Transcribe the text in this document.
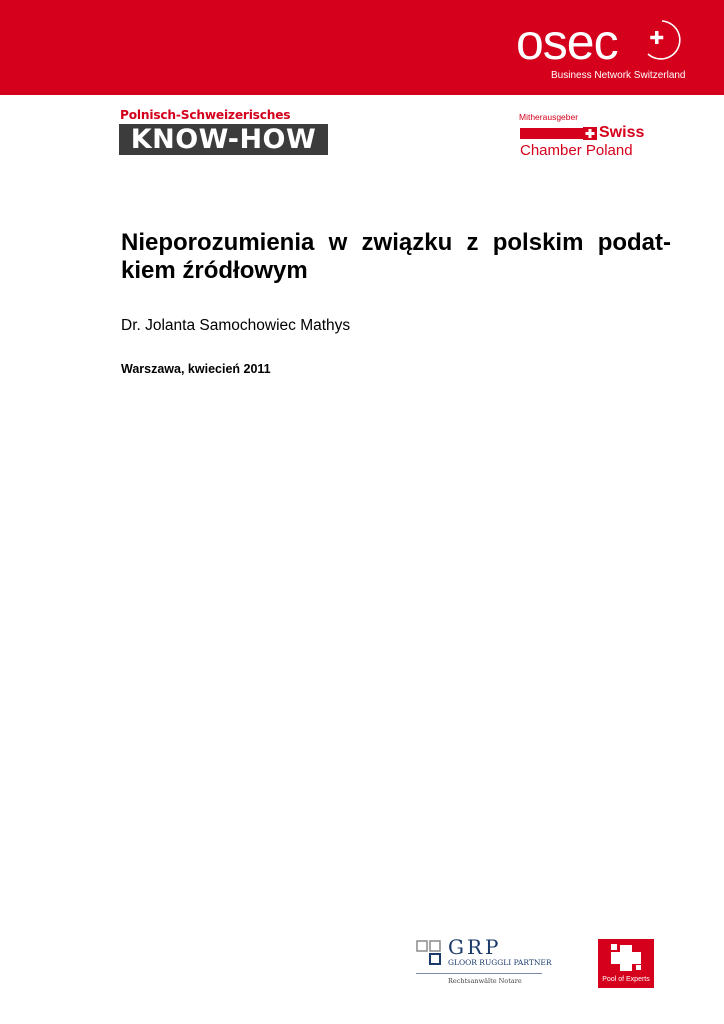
osec
Business Network Switzerland
Polnisch-Schweizerisches
KNOW-HOW
Mitherausgeber
Swiss
Chamber Poland
Nieporozumienia w związku z polskim podat-
kiem źródłowym
Dr. Jolanta Samochowiec Mathys
Warszawa, kwiecień 2011
GRP
GLOOR RUGGLI PARTNER
Rechtsanwälte Notare	Pool of Experts
